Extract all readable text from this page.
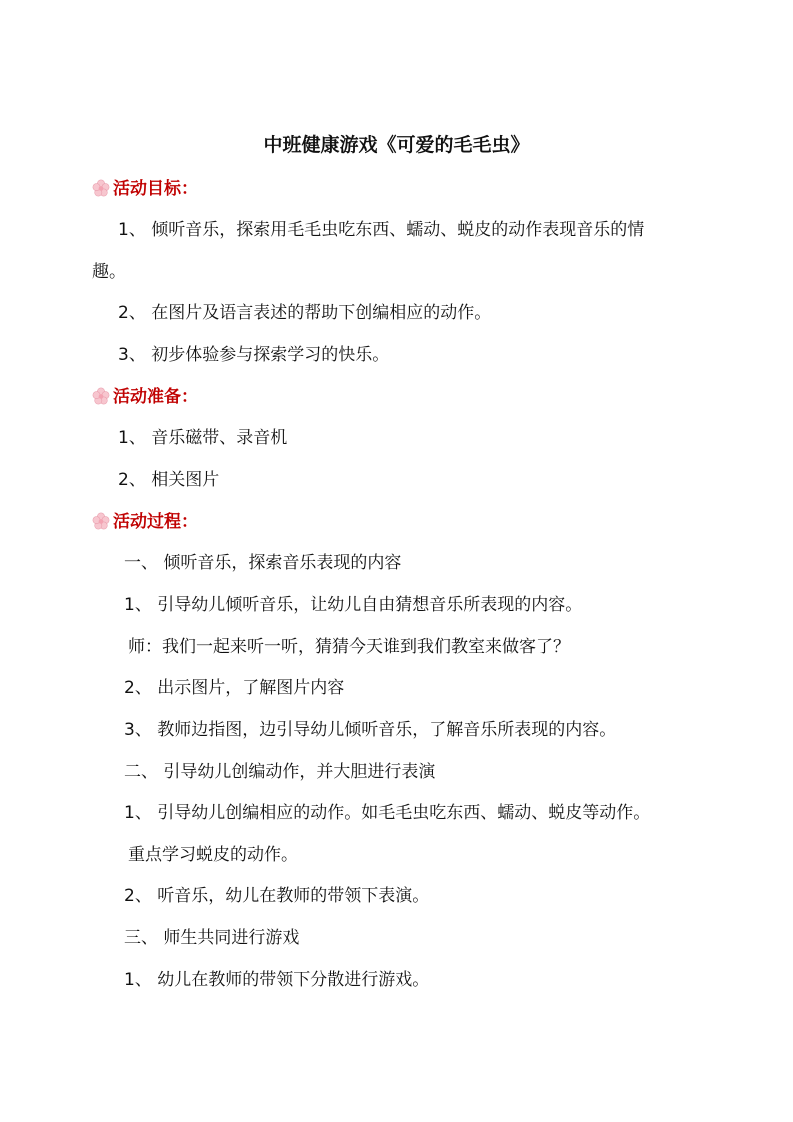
中班健康游戏《可爱的毛毛虫》
活动目标：
1、 倾听音乐，探索用毛毛虫吃东西、蠕动、蜕皮的动作表现音乐的情
趣。
2、 在图片及语言表述的帮助下创编相应的动作。
3、 初步体验参与探索学习的快乐。
活动准备：
1、 音乐磁带、录音机
2、 相关图片
活动过程：
一、 倾听音乐，探索音乐表现的内容
1、 引导幼儿倾听音乐，让幼儿自由猜想音乐所表现的内容。
师：我们一起来听一听，猜猜今天谁到我们教室来做客了？
2、 出示图片，了解图片内容
3、 教师边指图，边引导幼儿倾听音乐，了解音乐所表现的内容。
二、 引导幼儿创编动作，并大胆进行表演
1、 引导幼儿创编相应的动作。如毛毛虫吃东西、蠕动、蜕皮等动作。
重点学习蜕皮的动作。
2、 听音乐，幼儿在教师的带领下表演。
三、 师生共同进行游戏
1、 幼儿在教师的带领下分散进行游戏。
